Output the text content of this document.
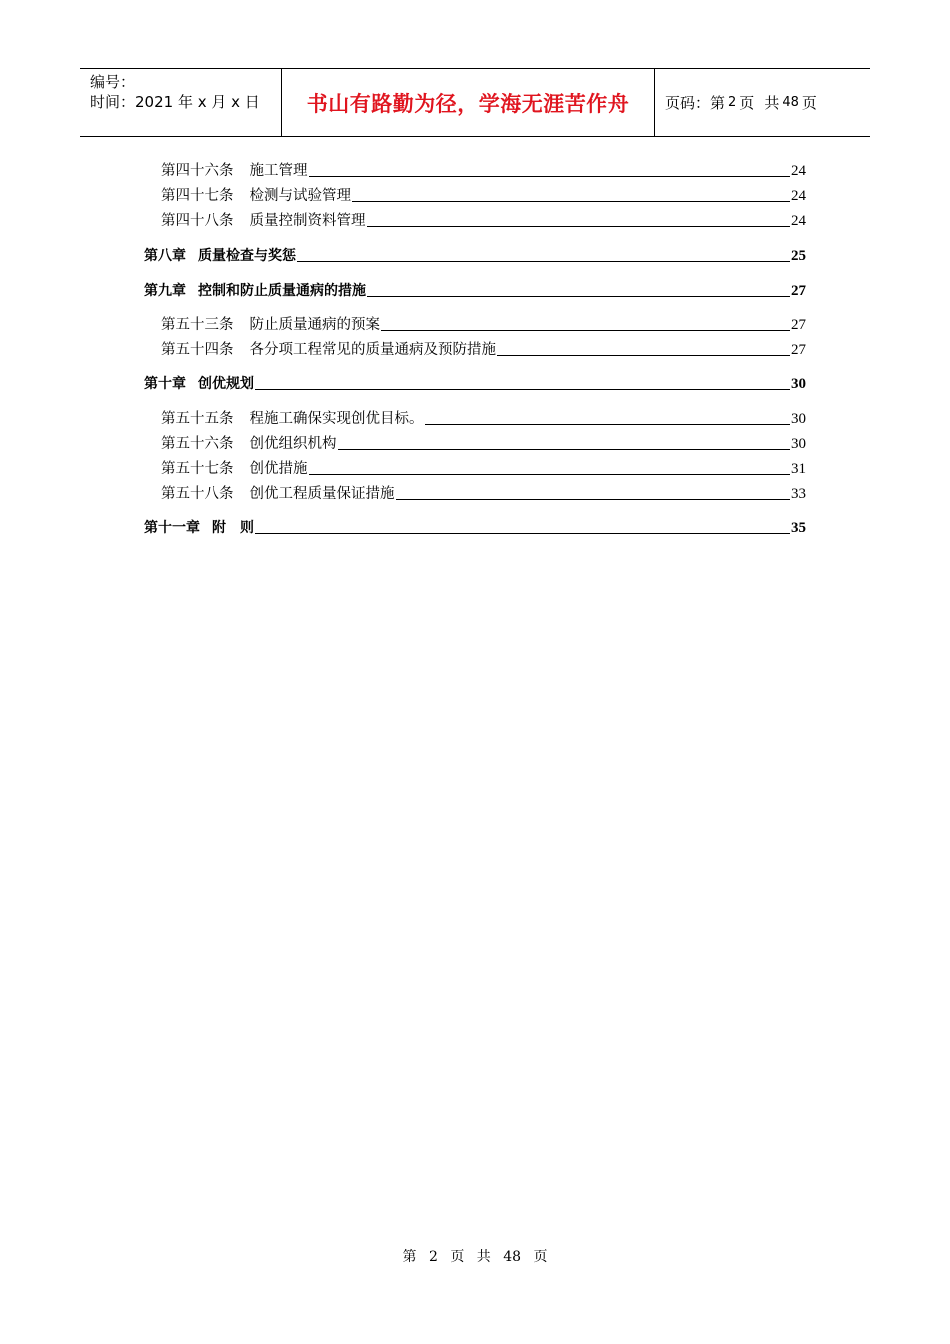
编号：
时间：2021 年 x 月 x 日	书山有路勤为径，学海无涯苦作舟	页码：第 2 页 共 48 页
第四十六条 施工管理	24
第四十七条 检测与试验管理	24
第四十八条 质量控制资料管理	24
第八章 质量检查与奖惩	25
第九章 控制和防止质量通病的措施	27
第五十三条 防止质量通病的预案	27
第五十四条 各分项工程常见的质量通病及预防措施	27
第十章 创优规划	30
第五十五条 程施工确保实现创优目标。	30
第五十六条 创优组织机构	30
第五十七条 创优措施	31
第五十八条 创优工程质量保证措施	33
第十一章 附　则	35
第 2 页 共 48 页
